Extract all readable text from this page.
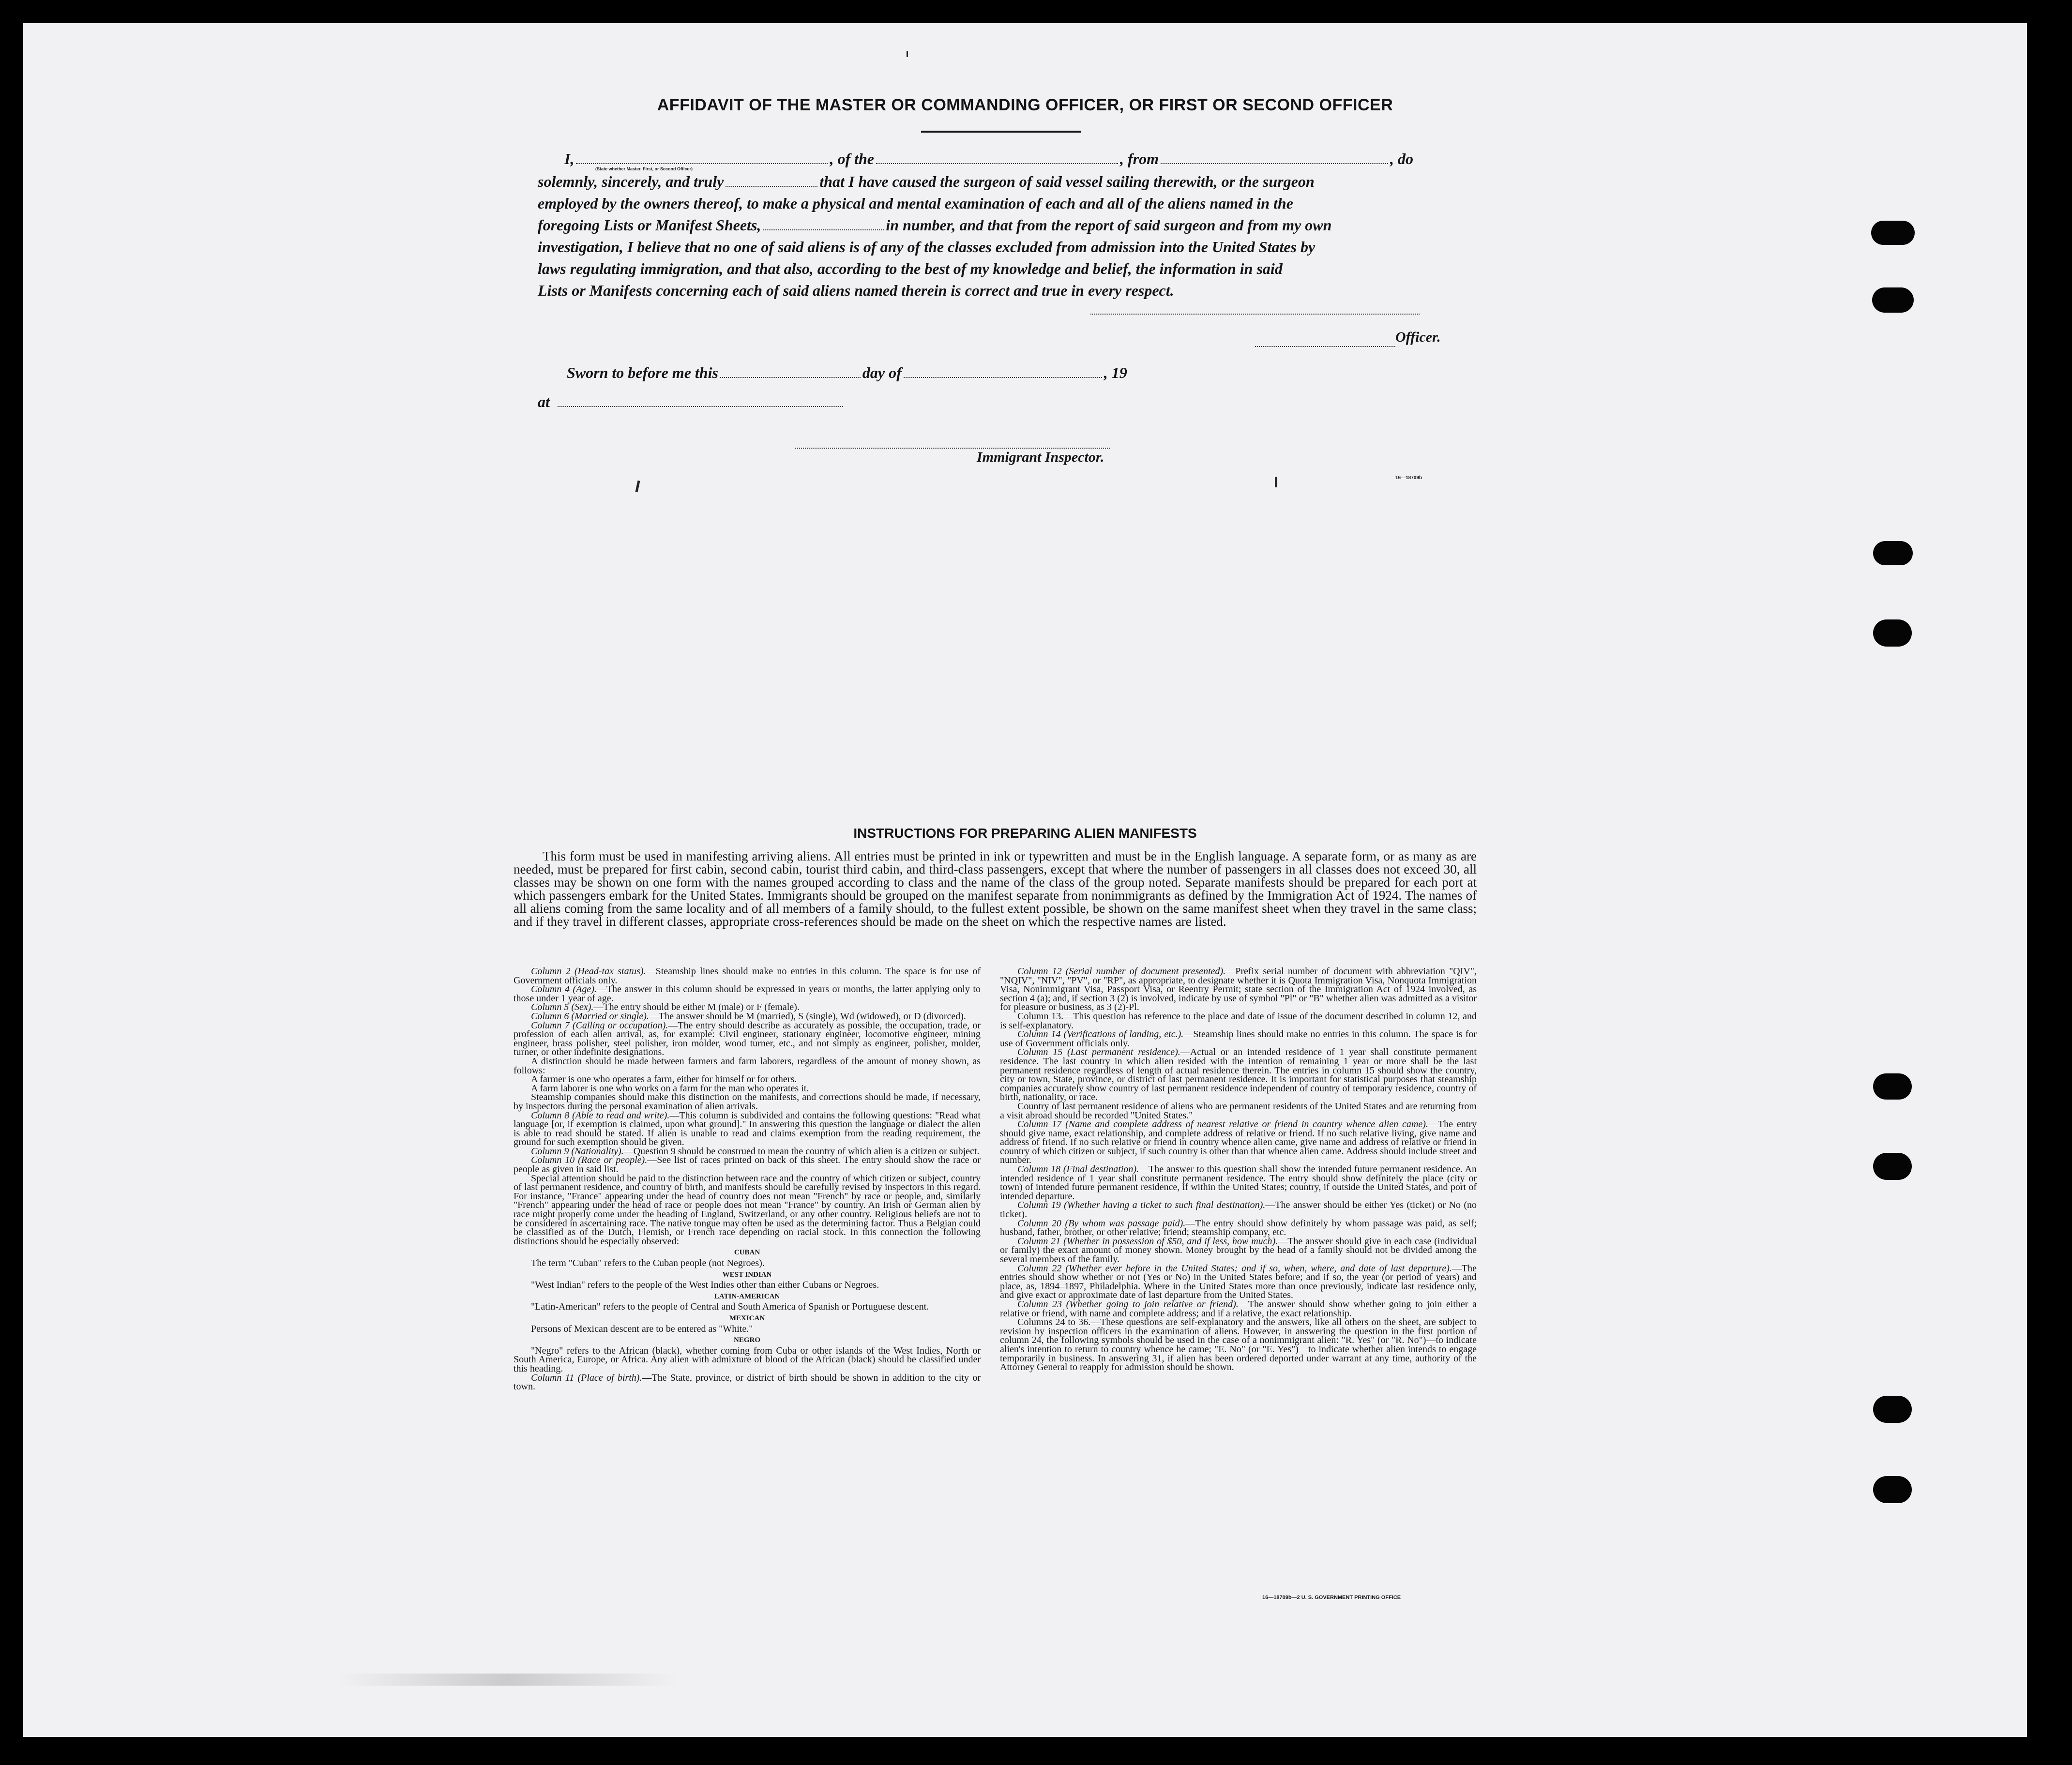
AFFIDAVIT OF THE MASTER OR COMMANDING OFFICER, OR FIRST OR SECOND OFFICER
I,	, of the	, from	, do
(State whether Master, First, or Second Officer)
solemnly, sincerely, and truly	that I have caused the surgeon of said vessel sailing therewith, or the surgeon
employed by the owners thereof, to make a physical and mental examination of each and all of the aliens named in the
foregoing Lists or Manifest Sheets,	in number, and that from the report of said surgeon and from my own
investigation, I believe that no one of said aliens is of any of the classes excluded from admission into the United States by
laws regulating immigration, and that also, according to the best of my knowledge and belief, the information in said
Lists or Manifests concerning each of said aliens named therein is correct and true in every respect.
Officer.
Sworn to before me this	day of	, 19
at
Immigrant Inspector.
16—18709b
INSTRUCTIONS FOR PREPARING ALIEN MANIFESTS
This form must be used in manifesting arriving aliens. All entries must be printed in ink or typewritten and must be in the English language. A separate form, or as many as are needed, must be prepared for first cabin, second cabin, tourist third cabin, and third-class passengers, except that where the number of passengers in all classes does not exceed 30, all classes may be shown on one form with the names grouped according to class and the name of the class of the group noted. Separate manifests should be prepared for each port at which passengers embark for the United States. Immigrants should be grouped on the manifest separate from nonimmigrants as defined by the Immigration Act of 1924. The names of all aliens coming from the same locality and of all members of a family should, to the fullest extent possible, be shown on the same manifest sheet when they travel in the same class; and if they travel in different classes, appropriate cross-references should be made on the sheet on which the respective names are listed.

Column 2 (Head-tax status).—Steamship lines should make no entries in this column. The space is for use of Government officials only.

Column 4 (Age).—The answer in this column should be expressed in years or months, the latter applying only to those under 1 year of age.

Column 5 (Sex).—The entry should be either M (male) or F (female).

Column 6 (Married or single).—The answer should be M (married), S (single), Wd (widowed), or D (divorced).

Column 7 (Calling or occupation).—The entry should describe as accurately as possible, the occupation, trade, or profession of each alien arrival, as, for example: Civil engineer, stationary engineer, locomotive engineer, mining engineer, brass polisher, steel polisher, iron molder, wood turner, etc., and not simply as engineer, polisher, molder, turner, or other indefinite designations.

A distinction should be made between farmers and farm laborers, regardless of the amount of money shown, as follows:

A farmer is one who operates a farm, either for himself or for others.

A farm laborer is one who works on a farm for the man who operates it.

Steamship companies should make this distinction on the manifests, and corrections should be made, if necessary, by inspectors during the personal examination of alien arrivals.

Column 8 (Able to read and write).—This column is subdivided and contains the following questions: "Read what language [or, if exemption is claimed, upon what ground]." In answering this question the language or dialect the alien is able to read should be stated. If alien is unable to read and claims exemption from the reading requirement, the ground for such exemption should be given.

Column 9 (Nationality).—Question 9 should be construed to mean the country of which alien is a citizen or subject.

Column 10 (Race or people).—See list of races printed on back of this sheet. The entry should show the race or people as given in said list.

Special attention should be paid to the distinction between race and the country of which citizen or subject, country of last permanent residence, and country of birth, and manifests should be carefully revised by inspectors in this regard. For instance, "France" appearing under the head of country does not mean "French" by race or people, and, similarly "French" appearing under the head of race or people does not mean "France" by country. An Irish or German alien by race might properly come under the heading of England, Switzerland, or any other country. Religious beliefs are not to be considered in ascertaining race. The native tongue may often be used as the determining factor. Thus a Belgian could be classified as of the Dutch, Flemish, or French race depending on racial stock. In this connection the following distinctions should be especially observed:

CUBAN

The term "Cuban" refers to the Cuban people (not Negroes).

WEST INDIAN

"West Indian" refers to the people of the West Indies other than either Cubans or Negroes.

LATIN-AMERICAN

"Latin-American" refers to the people of Central and South America of Spanish or Portuguese descent.

MEXICAN

Persons of Mexican descent are to be entered as "White."

NEGRO

"Negro" refers to the African (black), whether coming from Cuba or other islands of the West Indies, North or South America, Europe, or Africa. Any alien with admixture of blood of the African (black) should be classified under this heading.

Column 11 (Place of birth).—The State, province, or district of birth should be shown in addition to the city or town.

Column 12 (Serial number of document presented).—Prefix serial number of document with abbreviation "QIV", "NQIV", "NIV", "PV", or "RP", as appropriate, to designate whether it is Quota Immigration Visa, Nonquota Immigration Visa, Nonimmigrant Visa, Passport Visa, or Reentry Permit; state section of the Immigration Act of 1924 involved, as section 4 (a); and, if section 3 (2) is involved, indicate by use of symbol "Pl" or "B" whether alien was admitted as a visitor for pleasure or business, as 3 (2)-Pl.

Column 13.—This question has reference to the place and date of issue of the document described in column 12, and is self-explanatory.

Column 14 (Verifications of landing, etc.).—Steamship lines should make no entries in this column. The space is for use of Government officials only.

Column 15 (Last permanent residence).—Actual or an intended residence of 1 year shall constitute permanent residence. The last country in which alien resided with the intention of remaining 1 year or more shall be the last permanent residence regardless of length of actual residence therein. The entries in column 15 should show the country, city or town, State, province, or district of last permanent residence. It is important for statistical purposes that steamship companies accurately show country of last permanent residence independent of country of temporary residence, country of birth, nationality, or race.

Country of last permanent residence of aliens who are permanent residents of the United States and are returning from a visit abroad should be recorded "United States."

Column 17 (Name and complete address of nearest relative or friend in country whence alien came).—The entry should give name, exact relationship, and complete address of relative or friend. If no such relative living, give name and address of friend. If no such relative or friend in country whence alien came, give name and address of relative or friend in country of which citizen or subject, if such country is other than that whence alien came. Address should include street and number.

Column 18 (Final destination).—The answer to this question shall show the intended future permanent residence. An intended residence of 1 year shall constitute permanent residence. The entry should show definitely the place (city or town) of intended future permanent residence, if within the United States; country, if outside the United States, and port of intended departure.

Column 19 (Whether having a ticket to such final destination).—The answer should be either Yes (ticket) or No (no ticket).

Column 20 (By whom was passage paid).—The entry should show definitely by whom passage was paid, as self; husband, father, brother, or other relative; friend; steamship company, etc.

Column 21 (Whether in possession of $50, and if less, how much).—The answer should give in each case (individual or family) the exact amount of money shown. Money brought by the head of a family should not be divided among the several members of the family.

Column 22 (Whether ever before in the United States; and if so, when, where, and date of last departure).—The entries should show whether or not (Yes or No) in the United States before; and if so, the year (or period of years) and place, as, 1894–1897, Philadelphia. Where in the United States more than once previously, indicate last residence only, and give exact or approximate date of last departure from the United States.

Column 23 (Whether going to join relative or friend).—The answer should show whether going to join either a relative or friend, with name and complete address; and if a relative, the exact relationship.

Columns 24 to 36.—These questions are self-explanatory and the answers, like all others on the sheet, are subject to revision by inspection officers in the examination of aliens. However, in answering the question in the first portion of column 24, the following symbols should be used in the case of a nonimmigrant alien: "R. Yes" (or "R. No")—to indicate alien's intention to return to country whence he came; "E. No" (or "E. Yes")—to indicate whether alien intends to engage temporarily in business. In answering 31, if alien has been ordered deported under warrant at any time, authority of the Attorney General to reapply for admission should be shown.

16—18709b—2 U. S. GOVERNMENT PRINTING OFFICE
